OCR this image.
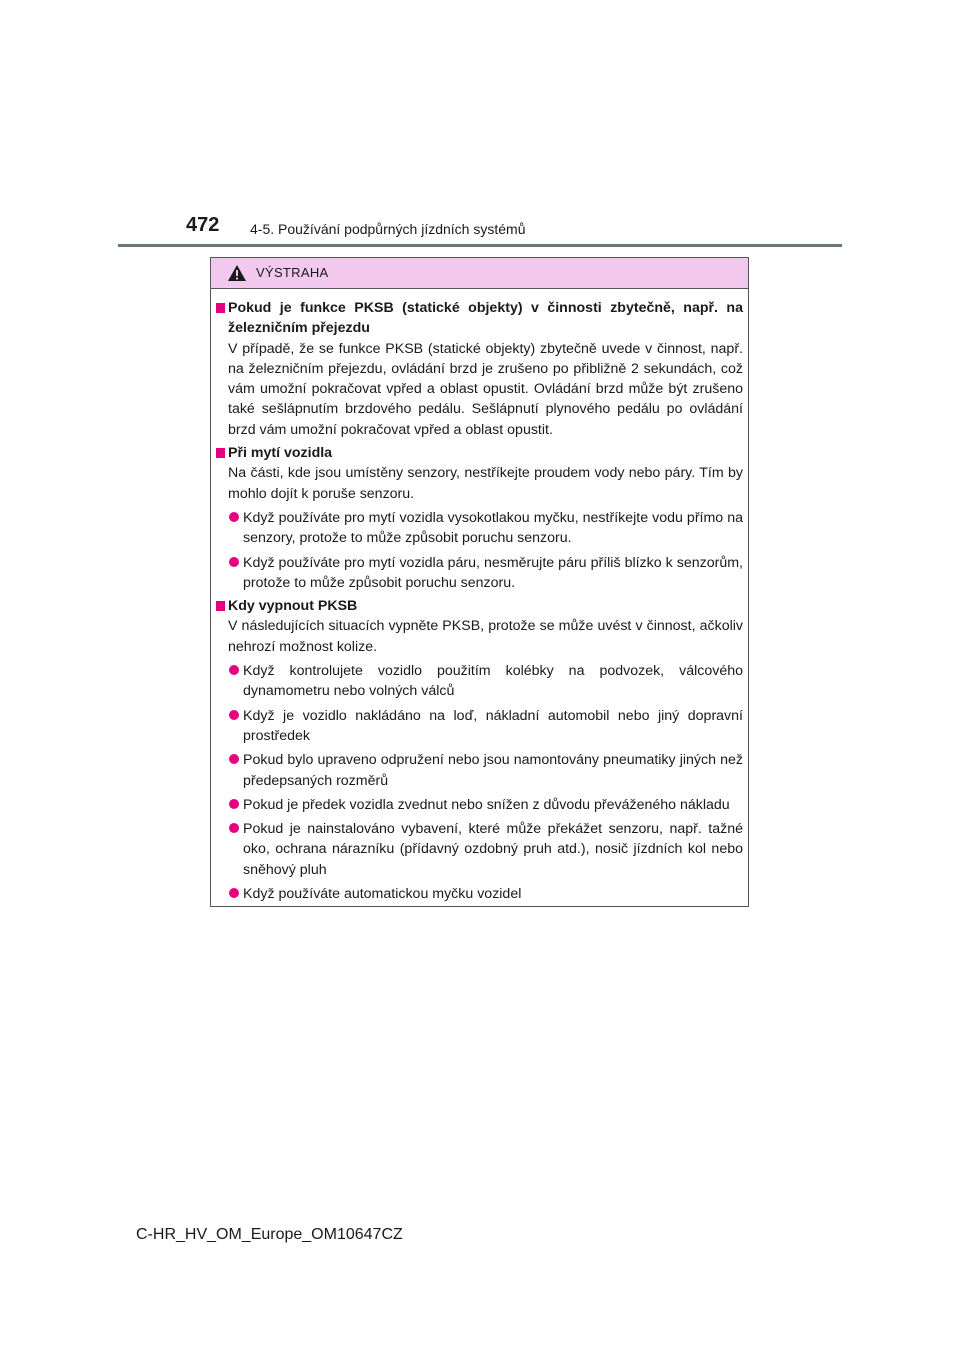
472 4-5. Používání podpůrných jízdních systémů
VÝSTRAHA
Pokud je funkce PKSB (statické objekty) v činnosti zbytečně, např. na železničním přejezdu
V případě, že se funkce PKSB (statické objekty) zbytečně uvede v činnost, např. na železničním přejezdu, ovládání brzd je zrušeno po přibližně 2 sekundách, což vám umožní pokračovat vpřed a oblast opustit. Ovládání brzd může být zrušeno také sešlápnutím brzdového pedálu. Sešlápnutí plynového pedálu po ovládání brzd vám umožní pokračovat vpřed a oblast opustit.
Při mytí vozidla
Na části, kde jsou umístěny senzory, nestříkejte proudem vody nebo páry. Tím by mohlo dojít k poruše senzoru.
Když používáte pro mytí vozidla vysokotlakou myčku, nestříkejte vodu přímo na senzory, protože to může způsobit poruchu senzoru.
Když používáte pro mytí vozidla páru, nesměrujte páru příliš blízko k senzorům, protože to může způsobit poruchu senzoru.
Kdy vypnout PKSB
V následujících situacích vypněte PKSB, protože se může uvést v činnost, ačkoliv nehrozí možnost kolize.
Když kontrolujete vozidlo použitím kolébky na podvozek, válcového dynamometru nebo volných válců
Když je vozidlo nakládáno na loď, nákladní automobil nebo jiný dopravní prostředek
Pokud bylo upraveno odpružení nebo jsou namontovány pneumatiky jiných než předepsaných rozměrů
Pokud je předek vozidla zvednut nebo snížen z důvodu převáženého nákladu
Pokud je nainstalováno vybavení, které může překážet senzoru, např. tažné oko, ochrana nárazníku (přídavný ozdobný pruh atd.), nosič jízdních kol nebo sněhový pluh
Když používáte automatickou myčku vozidel
C-HR_HV_OM_Europe_OM10647CZ
